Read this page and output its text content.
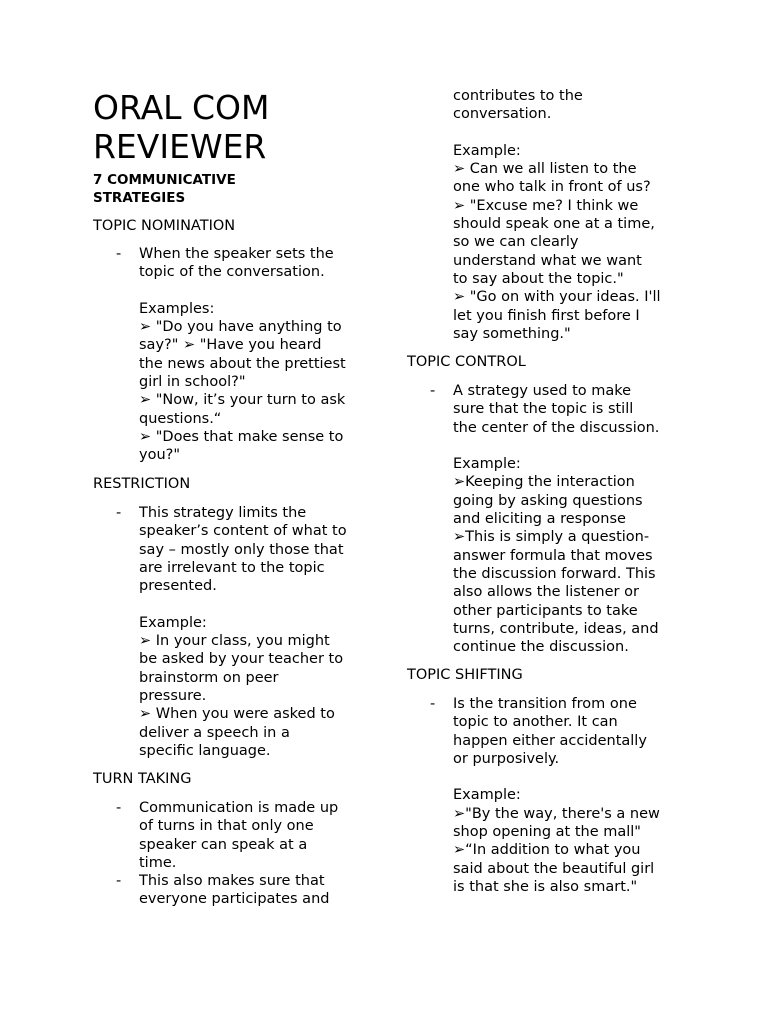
ORAL COM
REVIEWER
7 COMMUNICATIVE
STRATEGIES
TOPIC NOMINATION
- When the speaker sets the
topic of the conversation.
Examples:
➢ "Do you have anything to
say?" ➢ "Have you heard
the news about the prettiest
girl in school?"
➢ "Now, it’s your turn to ask
questions.“
➢ "Does that make sense to
you?"
RESTRICTION
- This strategy limits the
speaker’s content of what to
say – mostly only those that
are irrelevant to the topic
presented.
Example:
➢ In your class, you might
be asked by your teacher to
brainstorm on peer
pressure.
➢ When you were asked to
deliver a speech in a
specific language.
TURN TAKING
- Communication is made up
of turns in that only one
speaker can speak at a
time.
- This also makes sure that
everyone participates and
contributes to the
conversation.
Example:
➢ Can we all listen to the
one who talk in front of us?
➢ "Excuse me? I think we
should speak one at a time,
so we can clearly
understand what we want
to say about the topic."
➢ "Go on with your ideas. I'll
let you finish first before I
say something."
TOPIC CONTROL
- A strategy used to make
sure that the topic is still
the center of the discussion.
Example:
➢Keeping the interaction
going by asking questions
and eliciting a response
➢This is simply a question-
answer formula that moves
the discussion forward. This
also allows the listener or
other participants to take
turns, contribute, ideas, and
continue the discussion.
TOPIC SHIFTING
- Is the transition from one
topic to another. It can
happen either accidentally
or purposively.
Example:
➢"By the way, there's a new
shop opening at the mall"
➢“In addition to what you
said about the beautiful girl
is that she is also smart."
